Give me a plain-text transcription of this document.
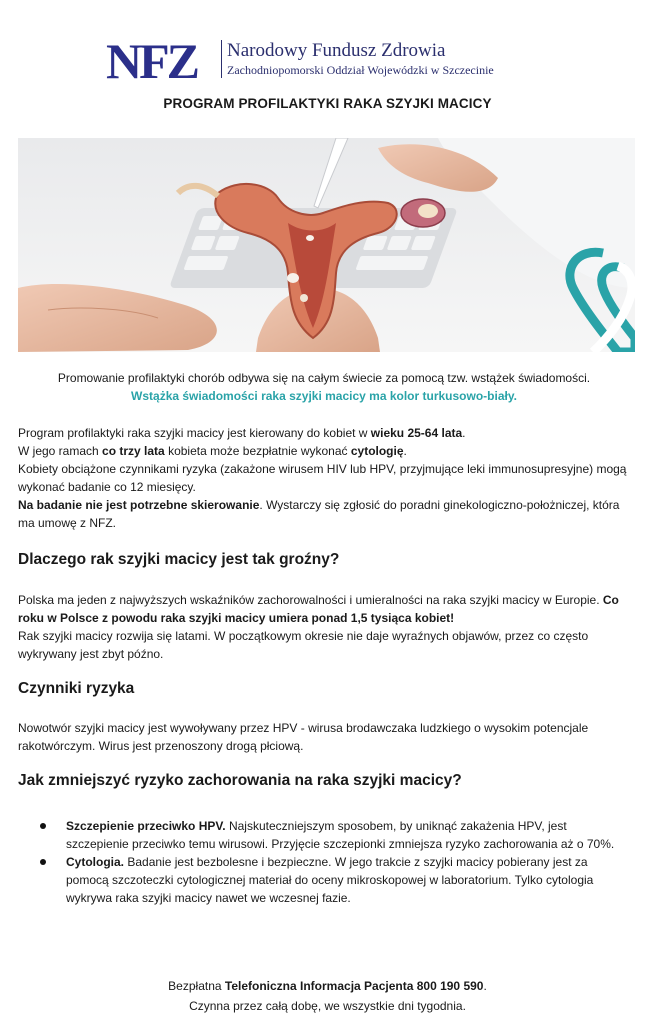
NFZ Narodowy Fundusz Zdrowia
Zachodniopomorski Oddział Wojewódzki w Szczecinie
PROGRAM PROFILAKTYKI RAKA SZYJKI MACICY
Promowanie profilaktyki chorób odbywa się na całym świecie za pomocą tzw. wstążek świadomości.
Wstążka świadomości raka szyjki macicy ma kolor turkusowo-biały.
Program profilaktyki raka szyjki macicy jest kierowany do kobiet w wieku 25-64 lata.
W jego ramach co trzy lata kobieta może bezpłatnie wykonać cytologię.
Kobiety obciążone czynnikami ryzyka (zakażone wirusem HIV lub HPV, przyjmujące leki immunosupresyjne) mogą wykonać badanie co 12 miesięcy.
Na badanie nie jest potrzebne skierowanie. Wystarczy się zgłosić do poradni ginekologiczno-położniczej, która ma umowę z NFZ.
Dlaczego rak szyjki macicy jest tak groźny?
Polska ma jeden z najwyższych wskaźników zachorowalności i umieralności na raka szyjki macicy w Europie. Co roku w Polsce z powodu raka szyjki macicy umiera ponad 1,5 tysiąca kobiet!
Rak szyjki macicy rozwija się latami. W początkowym okresie nie daje wyraźnych objawów, przez co często wykrywany jest zbyt późno.
Czynniki ryzyka
Nowotwór szyjki macicy jest wywoływany przez HPV - wirusa brodawczaka ludzkiego o wysokim potencjale rakotwórczym. Wirus jest przenoszony drogą płciową.
Jak zmniejszyć ryzyko zachorowania na raka szyjki macicy?
Szczepienie przeciwko HPV. Najskuteczniejszym sposobem, by uniknąć zakażenia HPV, jest szczepienie przeciwko temu wirusowi. Przyjęcie szczepionki zmniejsza ryzyko zachorowania aż o 70%.
Cytologia. Badanie jest bezbolesne i bezpieczne. W jego trakcie z szyjki macicy pobierany jest za pomocą szczoteczki cytologicznej materiał do oceny mikroskopowej w laboratorium. Tylko cytologia wykrywa raka szyjki macicy nawet we wczesnej fazie.
Bezpłatna Telefoniczna Informacja Pacjenta 800 190 590.
Czynna przez całą dobę, we wszystkie dni tygodnia.
